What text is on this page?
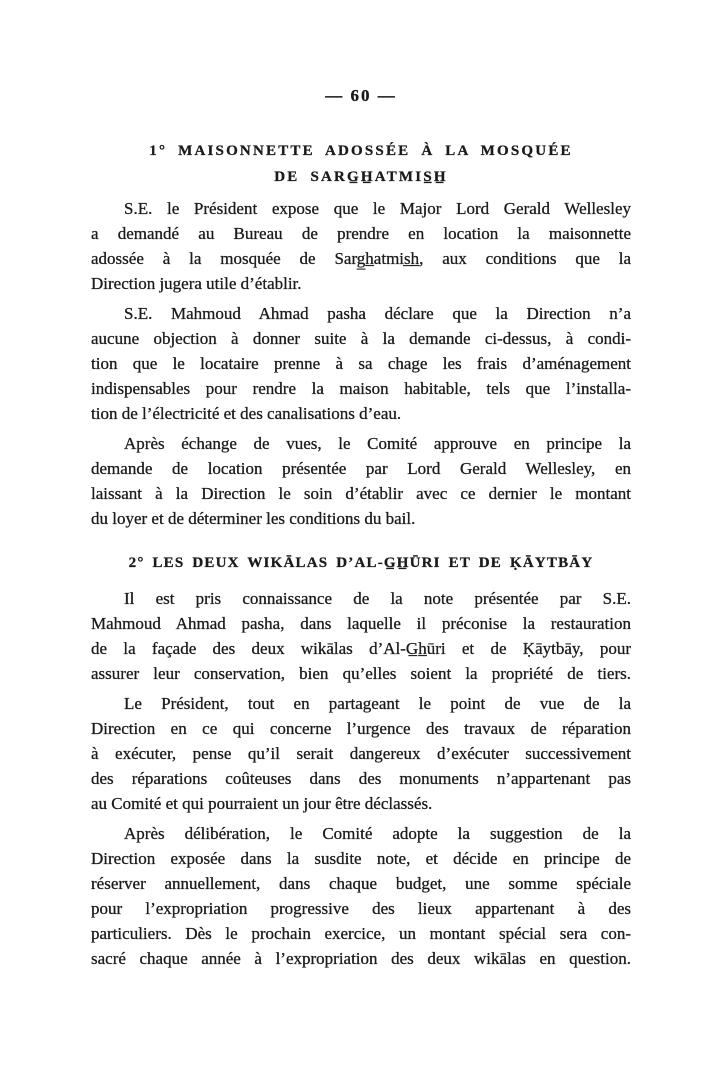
— 60 —
1° MAISONNETTE ADOSSÉE À LA MOSQUÉE
DE SARG̲H̲ATMIS̲H̲
S.E. le Président expose que le Major Lord Gerald Wellesley
a demandé au Bureau de prendre en location la maisonnette
adossée à la mosquée de Sarg̲h̲atmis̲h̲, aux conditions que la
Direction jugera utile d’établir.
S.E. Mahmoud Ahmad pasha déclare que la Direction n’a
aucune objection à donner suite à la demande ci-dessus, à condi-
tion que le locataire prenne à sa chage les frais d’aménagement
indispensables pour rendre la maison habitable, tels que l’installa-
tion de l’électricité et des canalisations d’eau.
Après échange de vues, le Comité approuve en principe la
demande de location présentée par Lord Gerald Wellesley, en
laissant à la Direction le soin d’établir avec ce dernier le montant
du loyer et de déterminer les conditions du bail.
2° LES DEUX WIKĀLAS D’AL-G̲H̲ŪRI ET DE ḲĀYTBĀY
Il est pris connaissance de la note présentée par S.E.
Mahmoud Ahmad pasha, dans laquelle il préconise la restauration
de la façade des deux wikālas d’Al-G̲h̲ūri et de Ḳāytbāy, pour
assurer leur conservation, bien qu’elles soient la propriété de tiers.
Le Président, tout en partageant le point de vue de la
Direction en ce qui concerne l’urgence des travaux de réparation
à exécuter, pense qu’il serait dangereux d’exécuter successivement
des réparations coûteuses dans des monuments n’appartenant pas
au Comité et qui pourraient un jour être déclassés.
Après délibération, le Comité adopte la suggestion de la
Direction exposée dans la susdite note, et décide en principe de
réserver annuellement, dans chaque budget, une somme spéciale
pour l’expropriation progressive des lieux appartenant à des
particuliers. Dès le prochain exercice, un montant spécial sera con-
sacré chaque année à l’expropriation des deux wikālas en question.
